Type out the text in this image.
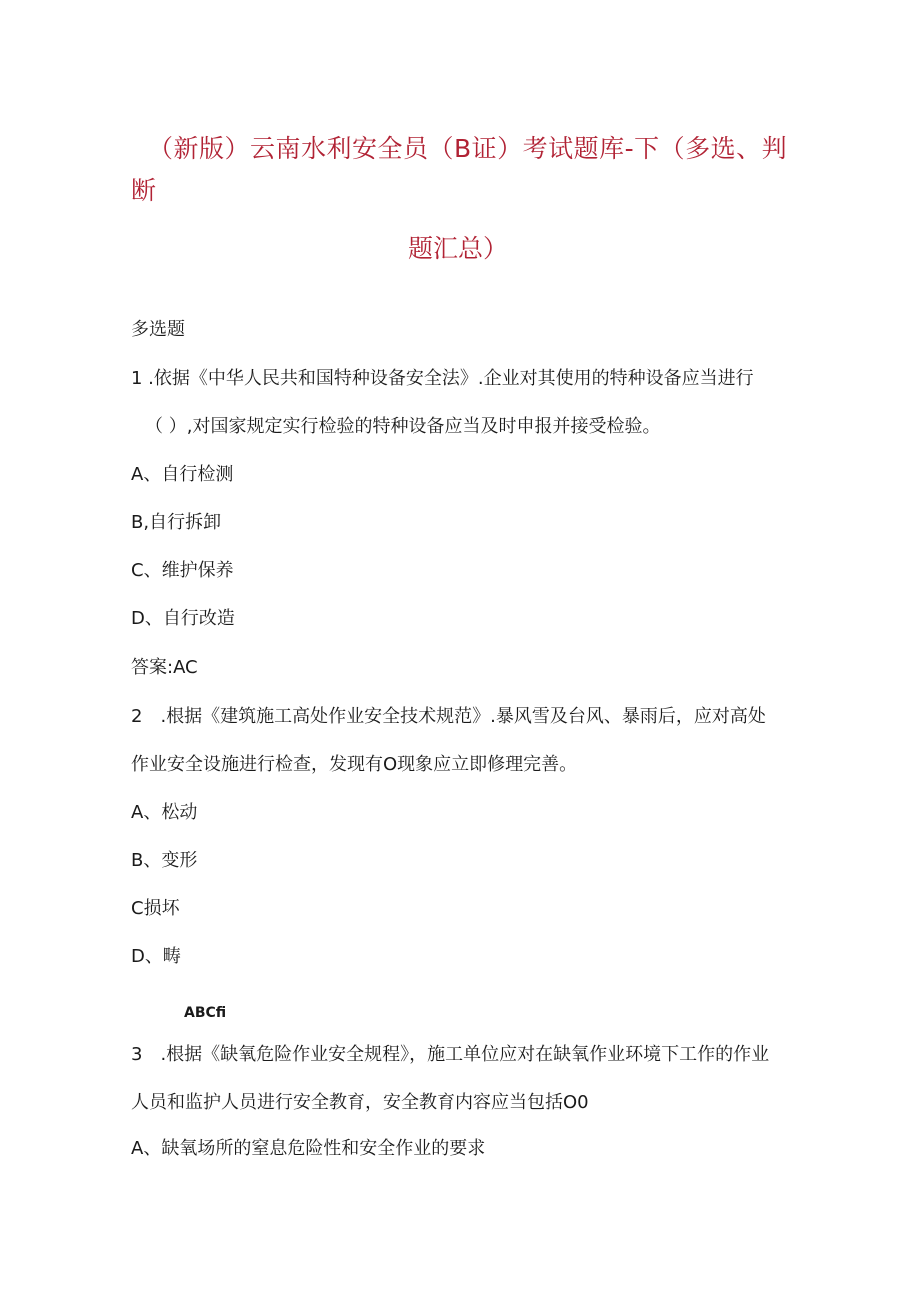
（新版）云南水利安全员（B证）考试题库-下（多选、判
断
题汇总）
多选题
1 .依据《中华人民共和国特种设备安全法》.企业对其使用的特种设备应当进行
（ ）,对国家规定实行检验的特种设备应当及时申报并接受检验。
A、自行检测
B,自行拆卸
C、维护保养
D、自行改造
答案:AC
2　.根据《建筑施工高处作业安全技术规范》.暴风雪及台风、暴雨后，应对高处
作业安全设施进行检查，发现有O现象应立即修理完善。
A、松动
B、变形
C损坏
D、畴
ABCfi
3　.根据《缺氧危险作业安全规程》，施工单位应对在缺氧作业环境下工作的作业
人员和监护人员进行安全教育，安全教育内容应当包括O0
A、缺氧场所的窒息危险性和安全作业的要求
